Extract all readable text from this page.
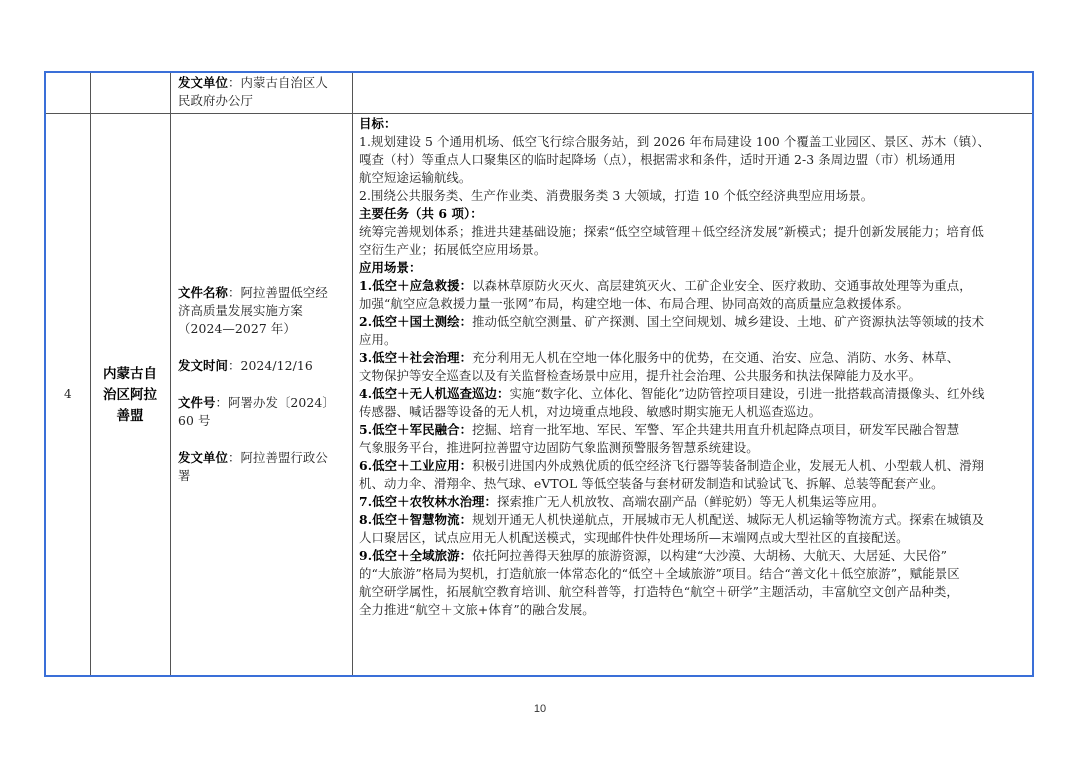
发文单位：内蒙古自治区人

民政府办公厅

4
内蒙古自
治区阿拉
善盟

文件名称：阿拉善盟低空经

济高质量发展实施方案

（2024—2027 年）

发文时间：2024/12/16

文件号：阿署办发〔2024〕

60 号

发文单位：阿拉善盟行政公

署

目标：

1.规划建设 5 个通用机场、低空飞行综合服务站，到 2026 年布局建设 100 个覆盖工业园区、景区、苏木（镇）、

嘎查（村）等重点人口聚集区的临时起降场（点），根据需求和条件，适时开通 2-3 条周边盟（市）机场通用

航空短途运输航线。

2.围绕公共服务类、生产作业类、消费服务类 3 大领域，打造 10 个低空经济典型应用场景。

主要任务（共 6 项）：

统筹完善规划体系；推进共建基础设施；探索“低空空域管理＋低空经济发展”新模式；提升创新发展能力；培育低

空衍生产业；拓展低空应用场景。

应用场景：

1.低空＋应急救援：以森林草原防火灭火、高层建筑灭火、工矿企业安全、医疗救助、交通事故处理等为重点，

加强“航空应急救援力量一张网”布局，构建空地一体、布局合理、协同高效的高质量应急救援体系。

2.低空＋国土测绘：推动低空航空测量、矿产探测、国土空间规划、城乡建设、土地、矿产资源执法等领域的技术

应用。

3.低空＋社会治理：充分利用无人机在空地一体化服务中的优势，在交通、治安、应急、消防、水务、林草、

文物保护等安全巡查以及有关监督检查场景中应用，提升社会治理、公共服务和执法保障能力及水平。

4.低空＋无人机巡查巡边：实施“数字化、立体化、智能化”边防管控项目建设，引进一批搭载高清摄像头、红外线

传感器、喊话器等设备的无人机，对边境重点地段、敏感时期实施无人机巡查巡边。

5.低空＋军民融合：挖掘、培育一批军地、军民、军警、军企共建共用直升机起降点项目，研发军民融合智慧

气象服务平台，推进阿拉善盟守边固防气象监测预警服务智慧系统建设。

6.低空＋工业应用：积极引进国内外成熟优质的低空经济飞行器等装备制造企业，发展无人机、小型载人机、滑翔

机、动力伞、滑翔伞、热气球、eVTOL 等低空装备与套材研发制造和试验试飞、拆解、总装等配套产业。

7.低空＋农牧林水治理：探索推广无人机放牧、高端农副产品（鲜驼奶）等无人机集运等应用。

8.低空＋智慧物流：规划开通无人机快递航点，开展城市无人机配送、城际无人机运输等物流方式。探索在城镇及

人口聚居区，试点应用无人机配送模式，实现邮件快件处理场所—末端网点或大型社区的直接配送。

9.低空＋全域旅游：依托阿拉善得天独厚的旅游资源，以构建“大沙漠、大胡杨、大航天、大居延、大民俗”

的“大旅游”格局为契机，打造航旅一体常态化的“低空＋全域旅游”项目。结合“善文化＋低空旅游”，赋能景区

航空研学属性，拓展航空教育培训、航空科普等，打造特色“航空＋研学”主题活动，丰富航空文创产品种类，

全力推进“航空＋文旅+体育”的融合发展。

10
